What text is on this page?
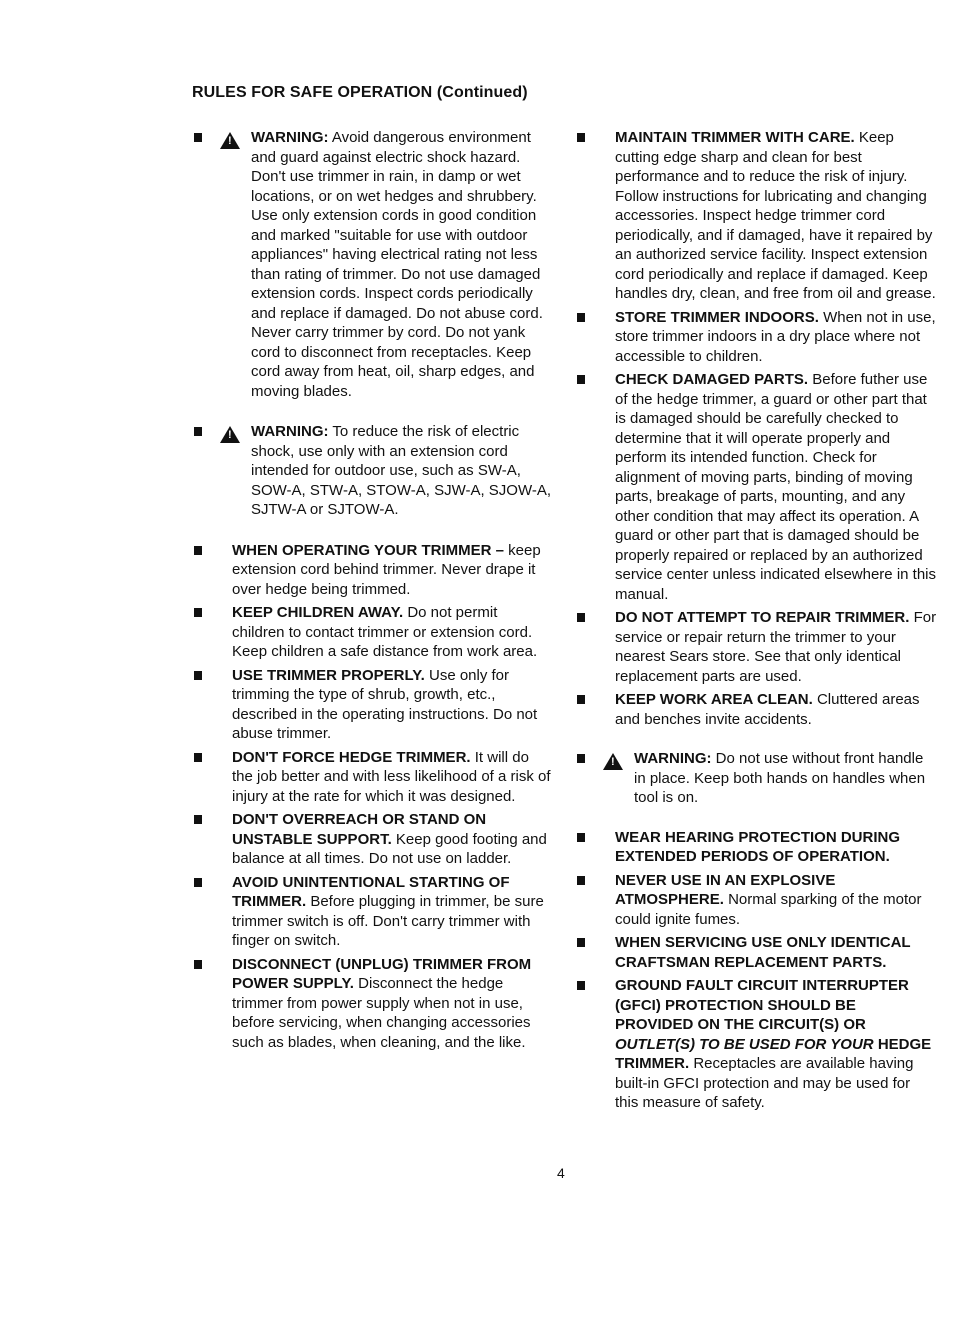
RULES FOR SAFE OPERATION (Continued)
!
WARNING: Avoid dangerous environment and guard against electric shock hazard. Don't use trimmer in rain, in damp or wet locations, or on wet hedges and shrubbery. Use only extension cords in good condition and marked "suitable for use with outdoor appliances" having electrical rating not less than rating of trimmer. Do not use damaged extension cords. Inspect cords periodically and replace if damaged. Do not abuse cord. Never carry trimmer by cord. Do not yank cord to disconnect from receptacles. Keep cord away from heat, oil, sharp edges, and moving blades.
!
WARNING: To reduce the risk of electric shock, use only with an extension cord intended for outdoor use, such as SW-A, SOW-A, STW-A, STOW-A, SJW-A, SJOW-A, SJTW-A or SJTOW-A.
WHEN OPERATING YOUR TRIMMER – keep extension cord behind trimmer. Never drape it over hedge being trimmed.
KEEP CHILDREN AWAY. Do not permit children to contact trimmer or extension cord. Keep children a safe distance from work area.
USE TRIMMER PROPERLY. Use only for trimming the type of shrub, growth, etc., described in the operating instructions. Do not abuse trimmer.
DON'T FORCE HEDGE TRIMMER. It will do the job better and with less likelihood of a risk of injury at the rate for which it was designed.
DON'T OVERREACH OR STAND ON UNSTABLE SUPPORT. Keep good footing and balance at all times. Do not use on ladder.
AVOID UNINTENTIONAL STARTING OF TRIMMER. Before plugging in trimmer, be sure trimmer switch is off. Don't carry trimmer with finger on switch.
DISCONNECT (UNPLUG) TRIMMER FROM POWER SUPPLY. Disconnect the hedge trimmer from power supply when not in use, before servicing, when changing accessories such as blades, when cleaning, and the like.
MAINTAIN TRIMMER WITH CARE. Keep cutting edge sharp and clean for best performance and to reduce the risk of injury. Follow instructions for lubricating and changing accessories. Inspect hedge trimmer cord periodically, and if damaged, have it repaired by an authorized service facility. Inspect extension cord periodically and replace if damaged. Keep handles dry, clean, and free from oil and grease.
STORE TRIMMER INDOORS. When not in use, store trimmer indoors in a dry place where not accessible to children.
CHECK DAMAGED PARTS. Before futher use of the hedge trimmer, a guard or other part that is damaged should be carefully checked to determine that it will operate properly and perform its intended function. Check for alignment of moving parts, binding of moving parts, breakage of parts, mounting, and any other condition that may affect its operation. A guard or other part that is damaged should be properly repaired or replaced by an authorized service center unless indicated elsewhere in this manual.
DO NOT ATTEMPT TO REPAIR TRIMMER. For service or repair return the trimmer to your nearest Sears store. See that only identical replacement parts are used.
KEEP WORK AREA CLEAN. Cluttered areas and benches invite accidents.
!
WARNING: Do not use without front handle in place. Keep both hands on handles when tool is on.
WEAR HEARING PROTECTION DURING EXTENDED PERIODS OF OPERATION.
NEVER USE IN AN EXPLOSIVE ATMOSPHERE. Normal sparking of the motor could ignite fumes.
WHEN SERVICING USE ONLY IDENTICAL CRAFTSMAN REPLACEMENT PARTS.
GROUND FAULT CIRCUIT INTERRUPTER (GFCI) PROTECTION SHOULD BE PROVIDED ON THE CIRCUIT(S) OR OUTLET(S) TO BE USED FOR YOUR HEDGE TRIMMER. Receptacles are available having built-in GFCI protection and may be used for this measure of safety.
4
